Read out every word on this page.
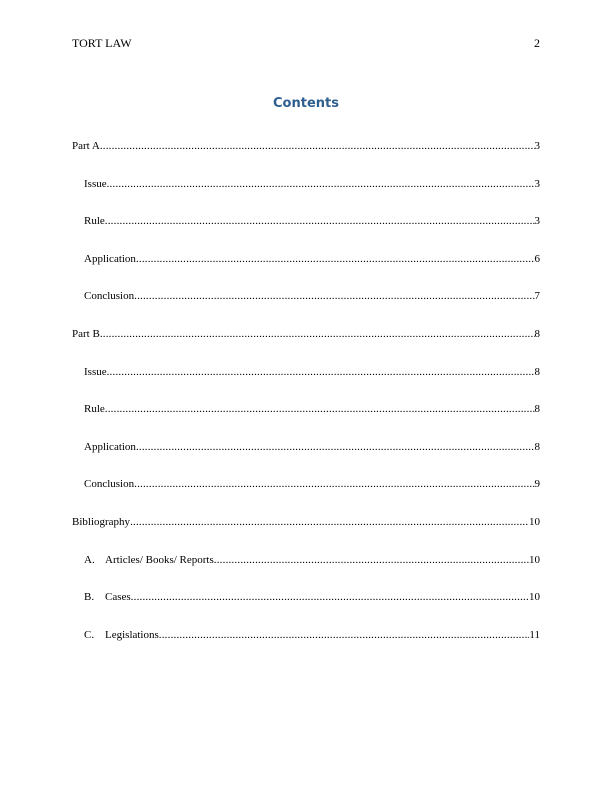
TORT LAW	2
Contents
Part A .....	3
Issue .....	3
Rule .....	3
Application .....	6
Conclusion .....	7
Part B .....	8
Issue .....	8
Rule .....	8
Application .....	8
Conclusion .....	9
Bibliography .....	10
A. Articles/ Books/ Reports .....	10
B. Cases .....	10
C. Legislations .....	11
